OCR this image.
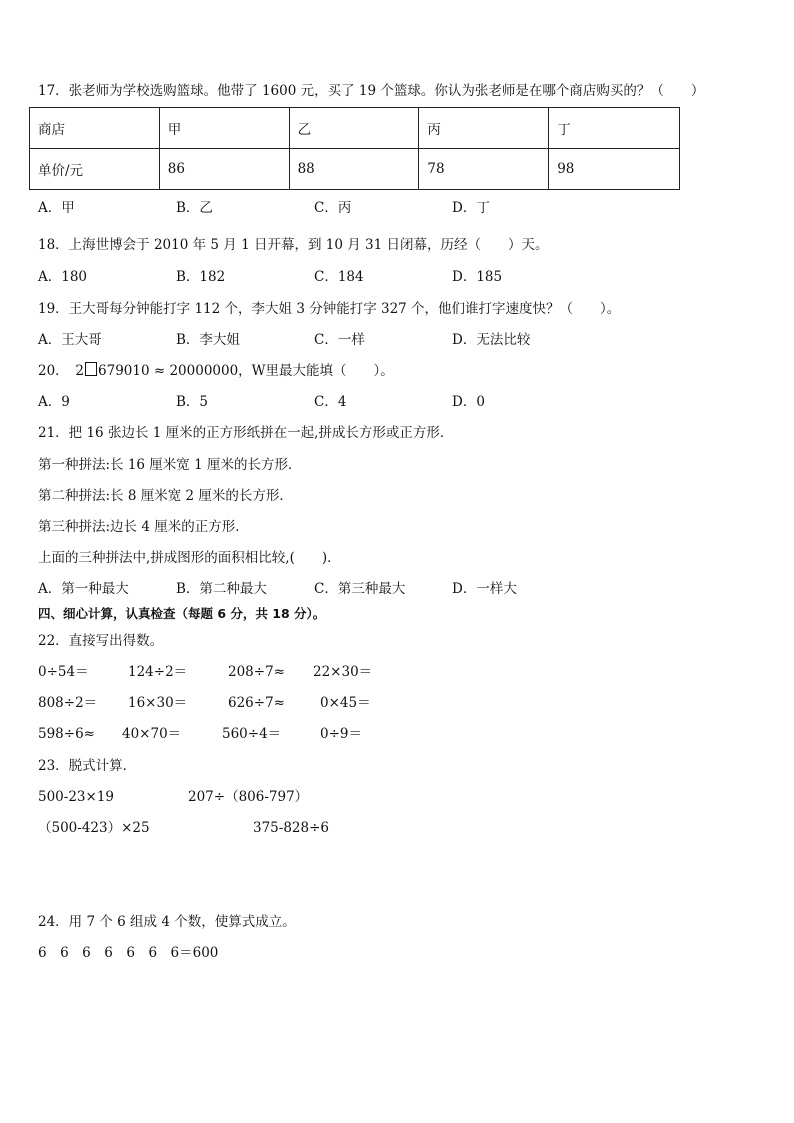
17．张老师为学校选购篮球。他带了 1600 元，买了 19 个篮球。你认为张老师是在哪个商店购买的？（　　）
商店	甲	乙	丙	丁
单价/元	86	88	78	98
A．甲	B．乙	C．丙	D．丁
18．上海世博会于 2010 年 5 月 1 日开幕，到 10 月 31 日闭幕，历经（　　）天。
A．180	B．182	C．184	D．185
19．王大哥每分钟能打字 112 个，李大姐 3 分钟能打字 327 个，他们谁打字速度快？（　　）。
A．王大哥	B．李大姐	C．一样	D．无法比较
20．　2 679010 ≈ 20000000，W里最大能填（　　）。
A．9	B．5	C．4	D．0
21．把 16 张边长 1 厘米的正方形纸拼在一起,拼成长方形或正方形．
第一种拼法:长 16 厘米宽 1 厘米的长方形．
第二种拼法:长 8 厘米宽 2 厘米的长方形．
第三种拼法:边长 4 厘米的正方形．
上面的三种拼法中,拼成图形的面积相比较,(　　)．
A．第一种最大	B．第二种最大	C．第三种最大	D．一样大
四、细心计算，认真检查（每题 6 分，共 18 分）。
22．直接写出得数。
0÷54＝	124÷2＝	208÷7≈ 22×30＝
808÷2＝ 16×30＝	626÷7≈	0×45＝
598÷6≈ 40×70＝	560÷4＝	0÷9＝
23．脱式计算．
500-23×19	207÷（806-797）
（500-423）×25	375-828÷6
24．用 7 个 6 组成 4 个数，使算式成立。
6　6　6　6　6　6　6＝600
